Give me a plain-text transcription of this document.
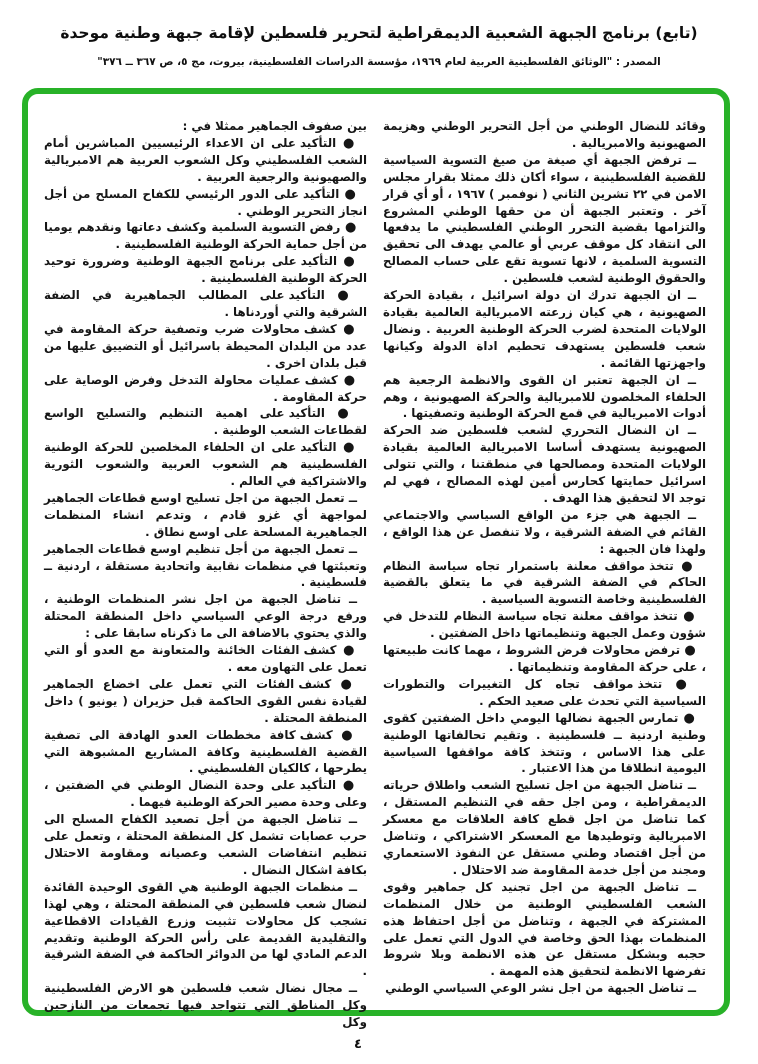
(تابع) برنامج الجبهة الشعبية الديمقراطية لتحرير فلسطين لإقامة جبهة وطنية موحدة
المصدر : "الوثائق الفلسطينية العربية لعام ١٩٦٩، مؤسسة الدراسات الفلسطينية، بيروت، مج ٥، ص ٣٦٧ ــ ٣٧٦"

وقائد للنضال الوطني من أجل التحرير الوطني وهزيمة الصهيونية والامبريالية .

ــ ترفض الجبهة أي صيغة من صيغ التسوية السياسية للقضية الفلسطينية ، سواء أكان ذلك ممثلا بقرار مجلس الامن في ٢٢ تشرين الثاني ( نوفمبر ) ١٩٦٧ ، أو أي قرار آخر . وتعتبر الجبهة أن من حقها الوطني المشروع والتزامها بقضية التحرر الوطني الفلسطيني ما يدفعها الى انتقاد كل موقف عربي أو عالمي يهدف الى تحقيق التسوية السلمية ، لانها تسوية تقع على حساب المصالح والحقوق الوطنية لشعب فلسطين .

ــ ان الجبهة تدرك ان دولة اسرائيل ، بقيادة الحركة الصهيونية ، هي كيان زرعته الامبريالية العالمية بقيادة الولايات المتحدة لضرب الحركة الوطنية العربية . ونضال شعب فلسطين يستهدف تحطيم اداة الدولة وكيانها واجهزتها القائمة .

ــ ان الجبهة تعتبر ان القوى والانظمة الرجعية هم الحلفاء المخلصون للامبريالية والحركة الصهيونية ، وهم أدوات الامبريالية في قمع الحركة الوطنية وتصفيتها .

ــ ان النضال التحرري لشعب فلسطين ضد الحركة الصهيونية يستهدف أساسا الامبريالية العالمية بقيادة الولايات المتحدة ومصالحها في منطقتنا ، والتي تتولى اسرائيل حمايتها كحارس أمين لهذه المصالح ، فهي لم توجد الا لتحقيق هذا الهدف .

ــ الجبهة هي جزء من الواقع السياسي والاجتماعي القائم في الضفة الشرقية ، ولا تنفصل عن هذا الواقع ، ولهذا فان الجبهة :

● تتخذ مواقف معلنة باستمرار تجاه سياسة النظام الحاكم في الضفة الشرقية في ما يتعلق بالقضية الفلسطينية وخاصة التسوية السياسية .

● تتخذ مواقف معلنة تجاه سياسة النظام للتدخل في شؤون وعمل الجبهة وتنظيماتها داخل الضفتين .

● ترفض محاولات فرض الشروط ، مهما كانت طبيعتها ، على حركة المقاومة وتنظيماتها .

● تتخذ مواقف تجاه كل التغييرات والتطورات السياسية التي تحدث على صعيد الحكم .

● تمارس الجبهة نضالها اليومي داخل الضفتين كقوى وطنية اردنية ــ فلسطينية . وتقيم تحالفاتها الوطنية على هذا الاساس ، وتتخذ كافة مواقفها السياسية اليومية انطلاقا من هذا الاعتبار .

ــ تناضل الجبهة من اجل تسليح الشعب واطلاق حرياته الديمقراطية ، ومن اجل حقه في التنظيم المستقل ، كما تناضل من اجل قطع كافة العلاقات مع معسكر الامبريالية وتوطيدها مع المعسكر الاشتراكي ، وتناضل من أجل اقتصاد وطني مستقل عن النفوذ الاستعماري ومجند من أجل خدمة المقاومة ضد الاحتلال .

ــ تناضل الجبهة من اجل تجنيد كل جماهير وقوى الشعب الفلسطيني الوطنية من خلال المنظمات المشتركة في الجبهة ، وتناضل من أجل احتفاظ هذه المنظمات بهذا الحق وخاصة في الدول التي تعمل على حجبه وبشكل مستقل عن هذه الانظمة وبلا شروط تفرضها الانظمة لتحقيق هذه المهمة .

ــ تناضل الجبهة من اجل نشر الوعي السياسي الوطني

بين صفوف الجماهير ممثلا في :

● التأكيد على ان الاعداء الرئيسيين المباشرين أمام الشعب الفلسطيني وكل الشعوب العربية هم الامبريالية والصهيونية والرجعية العربية .

● التأكيد على الدور الرئيسي للكفاح المسلح من أجل انجاز التحرير الوطني .

● رفض التسوية السلمية وكشف دعاتها ونقدهم يوميا من أجل حماية الحركة الوطنية الفلسطينية .

● التأكيد على برنامج الجبهة الوطنية وضرورة توحيد الحركة الوطنية الفلسطينية .

● التأكيد على المطالب الجماهيرية في الضفة الشرقية والتي أوردناها .

● كشف محاولات ضرب وتصفية حركة المقاومة في عدد من البلدان المحيطة باسرائيل أو التضييق عليها من قبل بلدان اخرى .

● كشف عمليات محاولة التدخل وفرض الوصاية على حركة المقاومة .

● التأكيد على اهمية التنظيم والتسليح الواسع لقطاعات الشعب الوطنية .

● التأكيد على ان الحلفاء المخلصين للحركة الوطنية الفلسطينية هم الشعوب العربية والشعوب الثورية والاشتراكية في العالم .

ــ تعمل الجبهة من اجل تسليح اوسع قطاعات الجماهير لمواجهة أي غزو قادم ، وتدعم انشاء المنظمات الجماهيرية المسلحة على اوسع نطاق .

ــ تعمل الجبهة من أجل تنظيم اوسع قطاعات الجماهير وتعبئتها في منظمات نقابية واتحادية مستقلة ، اردنية ــ فلسطينية .

ــ تناضل الجبهة من اجل نشر المنظمات الوطنية ، ورفع درجة الوعي السياسي داخل المنطقة المحتلة والذي يحتوي بالاضافة الى ما ذكرناه سابقا على :

● كشف الفئات الخائنة والمتعاونة مع العدو أو التي تعمل على التهاون معه .

● كشف الفئات التي تعمل على اخضاع الجماهير لقيادة نفس القوى الحاكمة قبل حزيران ( يونيو ) داخل المنطقة المحتلة .

● كشف كافة مخططات العدو الهادفة الى تصفية القضية الفلسطينية وكافة المشاريع المشبوهة التي يطرحها ، كالكيان الفلسطيني .

● التأكيد على وحدة النضال الوطني في الضفتين ، وعلى وحدة مصير الحركة الوطنية فيهما .

ــ تناضل الجبهة من أجل تصعيد الكفاح المسلح الى حرب عصابات تشمل كل المنطقة المحتلة ، وتعمل على تنظيم انتفاضات الشعب وعصيانه ومقاومة الاحتلال بكافة اشكال النضال .

ــ منظمات الجبهة الوطنية هي القوى الوحيدة القائدة لنضال شعب فلسطين في المنطقة المحتلة ، وهي لهذا تشجب كل محاولات تثبيت وزرع القيادات الاقطاعية والتقليدية القديمة على رأس الحركة الوطنية وتقديم الدعم المادي لها من الدوائر الحاكمة في الضفة الشرقية .

ــ مجال نضال شعب فلسطين هو الارض الفلسطينية وكل المناطق التي تتواجد فيها تجمعات من النازحين وكل

٤
